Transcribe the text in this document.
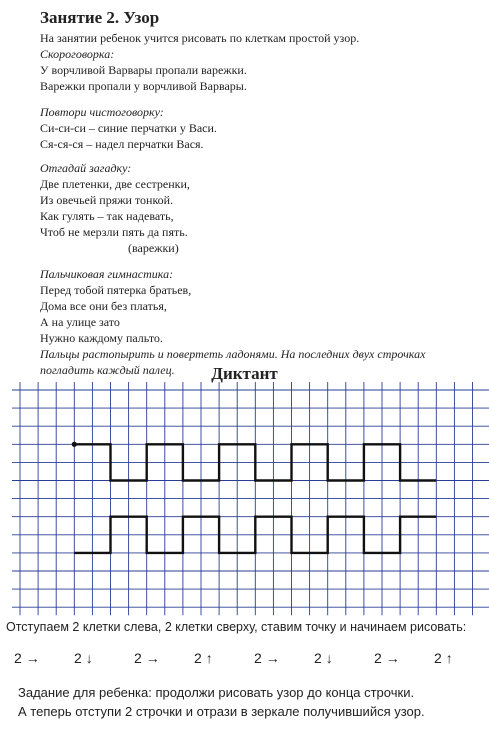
Занятие 2. Узор
На занятии ребенок учится рисовать по клеткам простой узор.
Скороговорка:
У ворчливой Варвары пропали варежки.
Варежки пропали у ворчливой Варвары.
Повтори чистоговорку:
Си-си-си – синие перчатки у Васи.
Ся-ся-ся – надел перчатки Вася.
Отгадай загадку:
Две плетенки, две сестренки,
Из овечьей пряжи тонкой.
Как гулять – так надевать,
Чтоб не мерзли пять да пять.
(варежки)
Пальчиковая гимнастика:
Перед тобой пятерка братьев,
Дома все они без платья,
А на улице зато
Нужно каждому пальто.
Пальцы растопырить и повертеть ладонями. На последних двух строчках погладить каждый палец.	Диктант
Отступаем 2 клетки слева, 2 клетки сверху, ставим точку и начинаем рисовать:
2 → 2 ↓	2 → 2 ↑	2 → 2 ↓	2 → 2 ↑
Задание для ребенка: продолжи рисовать узор до конца строчки.
А теперь отступи 2 строчки и отрази в зеркале получившийся узор.
